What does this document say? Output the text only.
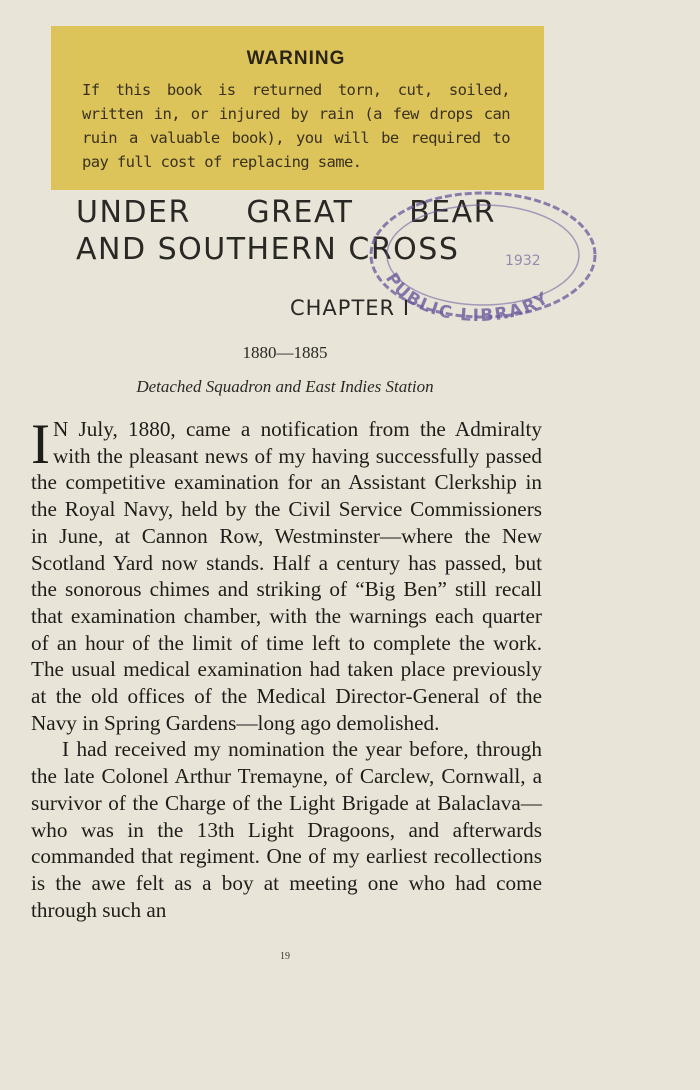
WARNING

If this book is returned torn, cut, soiled, written in, or injured by rain (a few drops can ruin a valuable book), you will be required to pay full cost of replacing same.

UNDER GREAT BEAR
AND SOUTHERN CROSS
PUBLIC LIBRARY
1932
CHAPTER I
1880—1885
Detached Squadron and East Indies Station

I N July, 1880, came a notification from the Admiralty with the pleasant news of my having successfully passed the competitive examination for an Assistant Clerkship in the Royal Navy, held by the Civil Service Commissioners in June, at Cannon Row, Westminster—where the New Scotland Yard now stands. Half a century has passed, but the sonorous chimes and striking of “Big Ben” still recall that examination chamber, with the warnings each quarter of an hour of the limit of time left to complete the work. The usual medical examination had taken place previously at the old offices of the Medical Director-General of the Navy in Spring Gardens—long ago demolished.

I had received my nomination the year before, through the late Colonel Arthur Tremayne, of Carclew, Cornwall, a survivor of the Charge of the Light Brigade at Balaclava—who was in the 13th Light Dragoons, and afterwards commanded that regiment. One of my earliest recollections is the awe felt as a boy at meeting one who had come through such an

19
